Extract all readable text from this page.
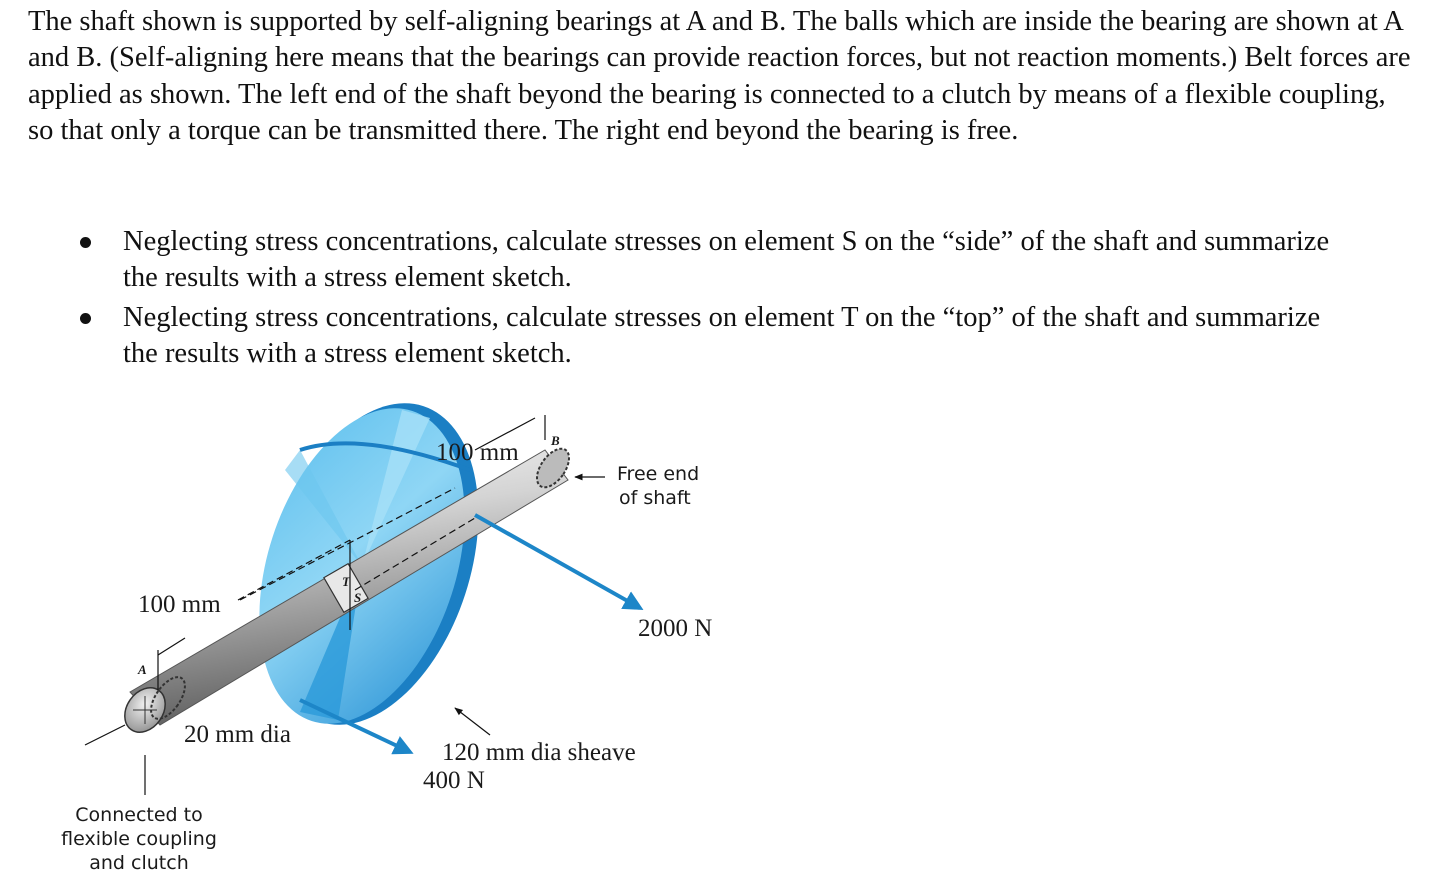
The shaft shown is supported by self-aligning bearings at A and B. The balls which are inside the bearing are shown at A and B. (Self-aligning here means that the bearings can provide reaction forces, but not reaction moments.) Belt forces are applied as shown. The left end of the shaft beyond the bearing is connected to a clutch by means of a flexible coupling, so that only a torque can be transmitted there. The right end beyond the bearing is free.

Neglecting stress concentrations, calculate stresses on element S on the “side” of the shaft and summarize the results with a stress element sketch.
Neglecting stress concentrations, calculate stresses on element T on the “top” of the shaft and summarize the results with a stress element sketch.
100 mm B
Free end
of shaft
100 mm
2000 N
A
T
S
20 mm dia
120 mm dia sheave
400 N
Connected to
flexible coupling
and clutch
